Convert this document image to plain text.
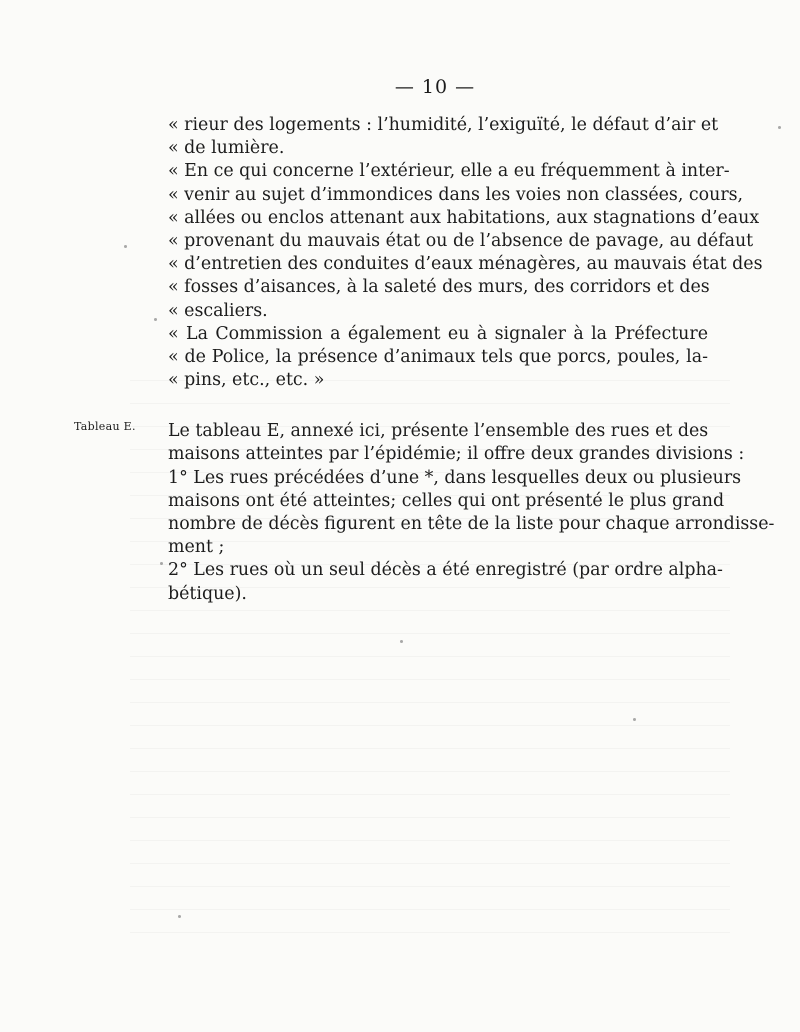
— 10 —
Tableau E.
« rieur des logements : l’humidité, l’exiguïté, le défaut d’air et
« de lumière.
« En ce qui concerne l’extérieur, elle a eu fréquemment à inter-
« venir au sujet d’immondices dans les voies non classées, cours,
« allées ou enclos attenant aux habitations, aux stagnations d’eaux
« provenant du mauvais état ou de l’absence de pavage, au défaut
« d’entretien des conduites d’eaux ménagères, au mauvais état des
« fosses d’aisances, à la saleté des murs, des corridors et des
« escaliers.
« La Commission a également eu à signaler à la Préfecture
« de Police, la présence d’animaux tels que porcs, poules, la-
« pins, etc., etc. »
Le tableau E, annexé ici, présente l’ensemble des rues et des
maisons atteintes par l’épidémie; il offre deux grandes divisions :
1° Les rues précédées d’une *, dans lesquelles deux ou plusieurs
maisons ont été atteintes; celles qui ont présenté le plus grand
nombre de décès figurent en tête de la liste pour chaque arrondisse-
ment ;
2° Les rues où un seul décès a été enregistré (par ordre alpha-
bétique).
